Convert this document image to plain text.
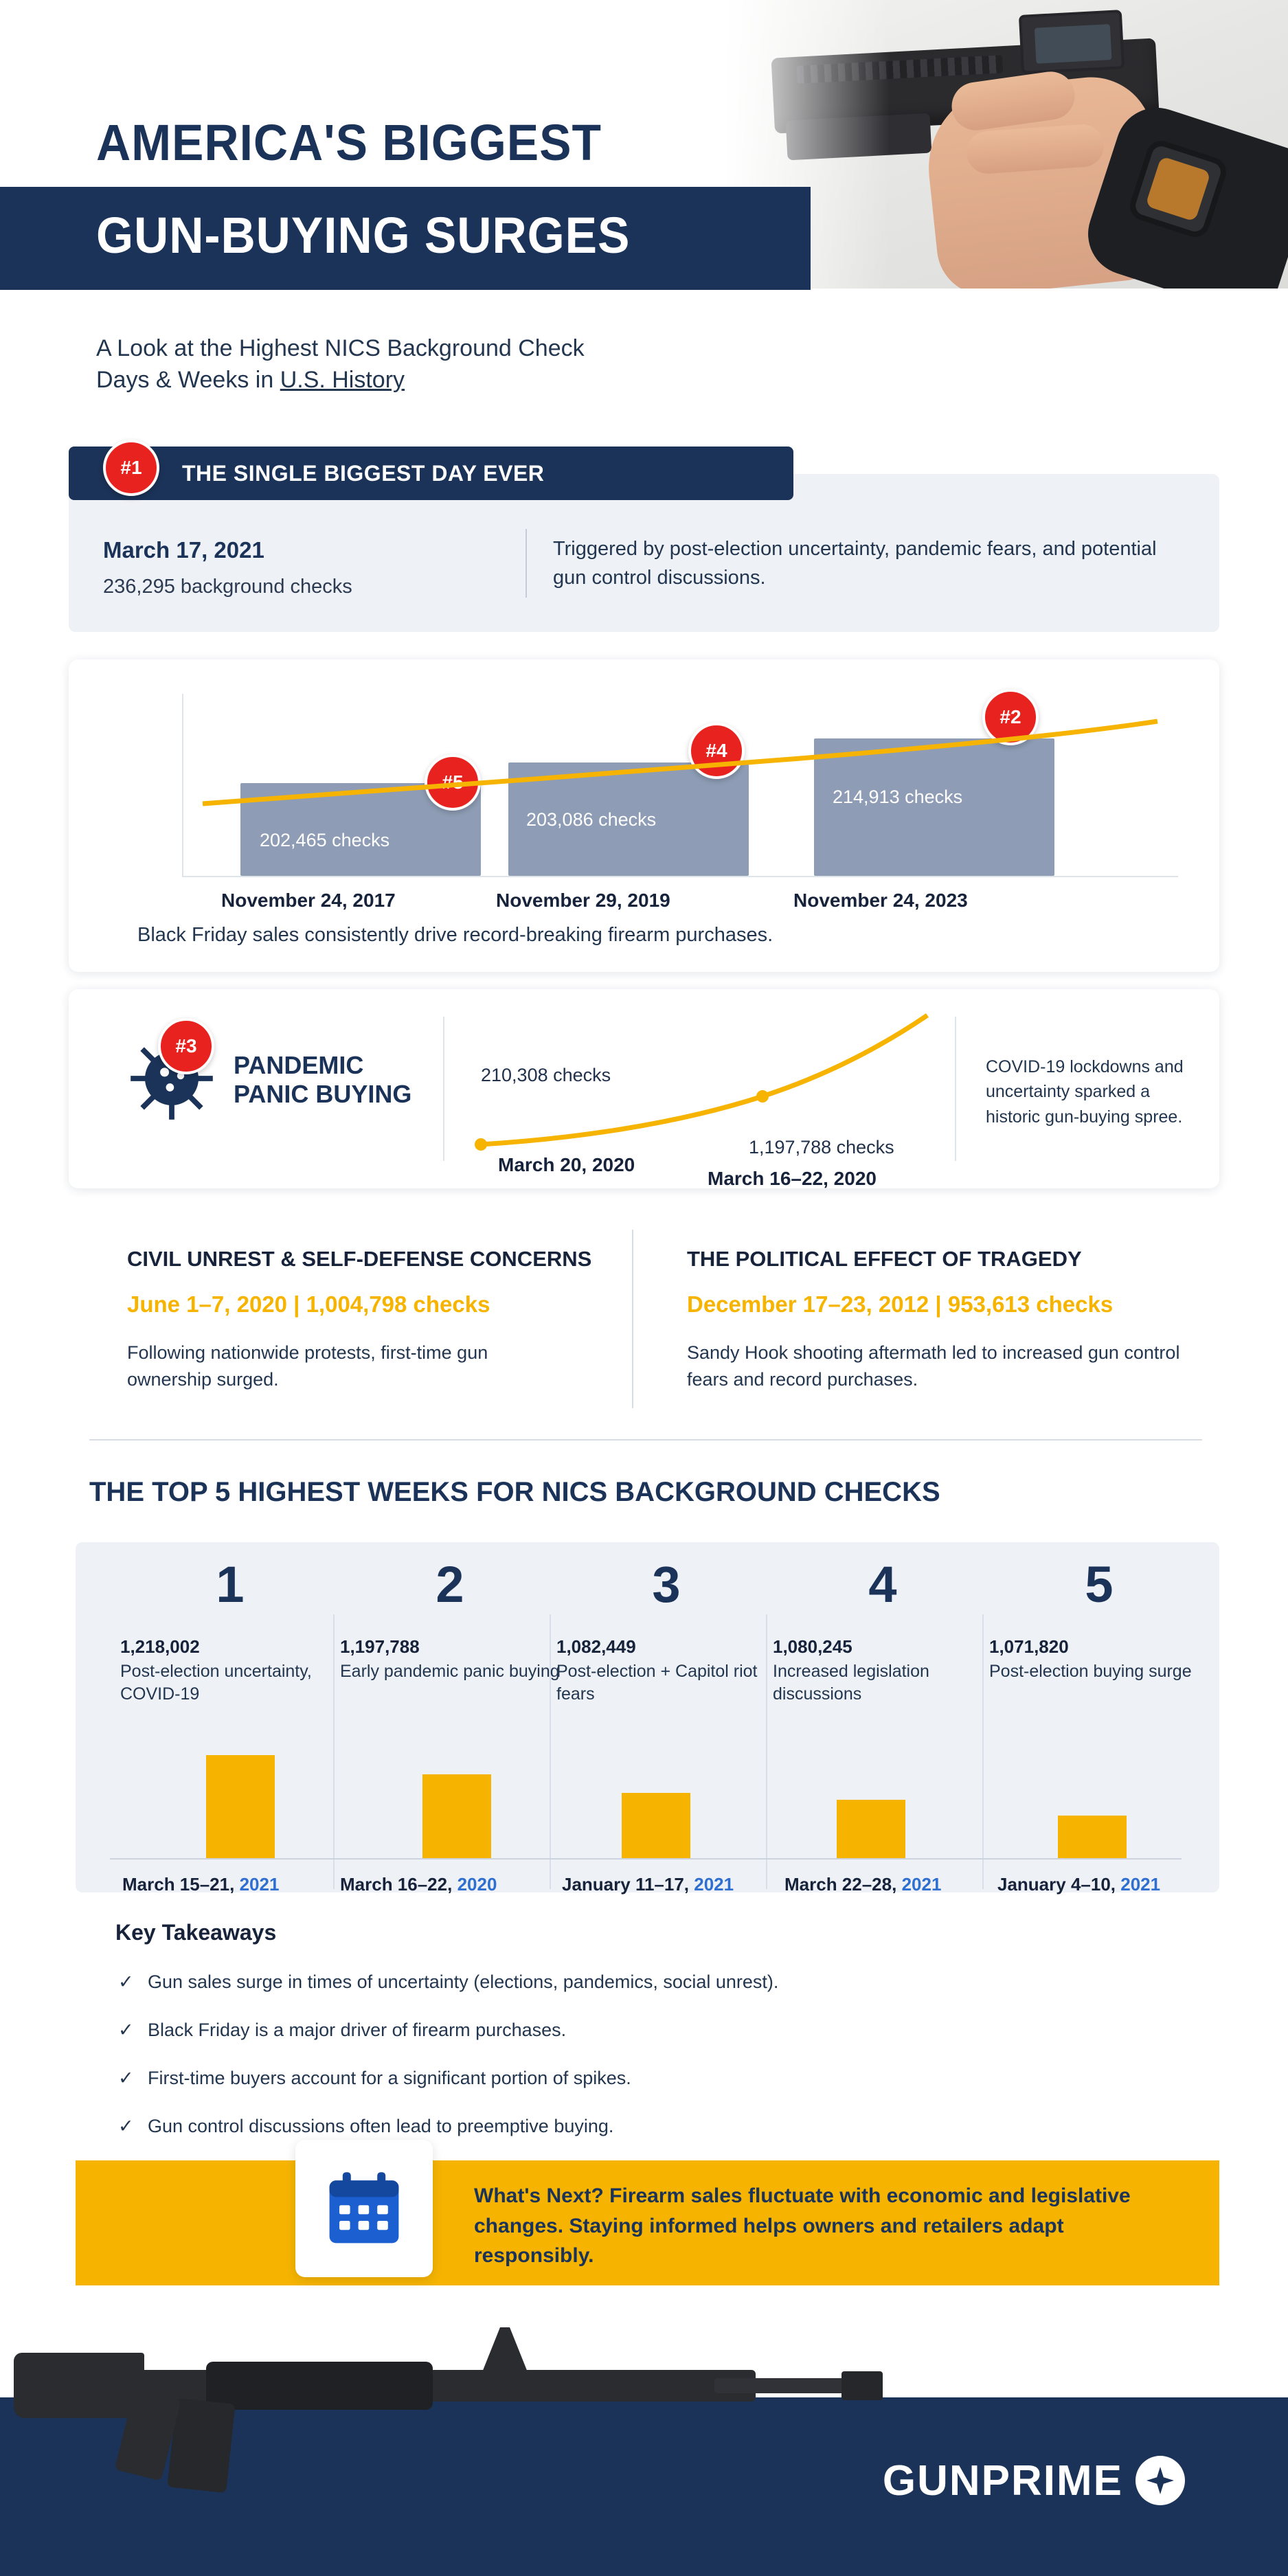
AMERICA'S BIGGEST
GUN-BUYING SURGES
A Look at the Highest NICS Background Check
Days & Weeks in U.S. History
THE SINGLE BIGGEST DAY EVER
#1
March 17, 2021
236,295 background checks
Triggered by post-election uncertainty, pandemic fears, and potential gun control discussions.
202,465 checks
203,086 checks
214,913 checks
#5
#4
#2
November 24, 2017	November 29, 2019	November 24, 2023
Black Friday sales consistently drive record-breaking firearm purchases.
#3
PANDEMIC
PANIC BUYING
210,308 checks
1,197,788 checks
March 20, 2020
March 16–22, 2020
COVID-19 lockdowns and uncertainty sparked a historic gun-buying spree.
CIVIL UNREST & SELF-DEFENSE CONCERNS
June 1–7, 2020 | 1,004,798 checks
Following nationwide protests, first-time gun ownership surged.
THE POLITICAL EFFECT OF TRAGEDY
December 17–23, 2012 | 953,613 checks
Sandy Hook shooting aftermath led to increased gun control fears and record purchases.
THE TOP 5 HIGHEST WEEKS FOR NICS BACKGROUND CHECKS
1
1,218,002
Post-election uncertainty, COVID-19
2
1,197,788
Early pandemic panic buying
3
1,082,449
Post-election + Capitol riot fears
4
1,080,245
Increased legislation discussions
5
1,071,820
Post-election buying surge
March 15–21, 2021	March 16–22, 2020	January 11–17, 2021	March 22–28, 2021	January 4–10, 2021
Key Takeaways
✓ Gun sales surge in times of uncertainty (elections, pandemics, social unrest).
✓ Black Friday is a major driver of firearm purchases.
✓ First-time buyers account for a significant portion of spikes.
✓ Gun control discussions often lead to preemptive buying.
What's Next? Firearm sales fluctuate with economic and legislative changes. Staying informed helps owners and retailers adapt responsibly.
GUNPRIME
